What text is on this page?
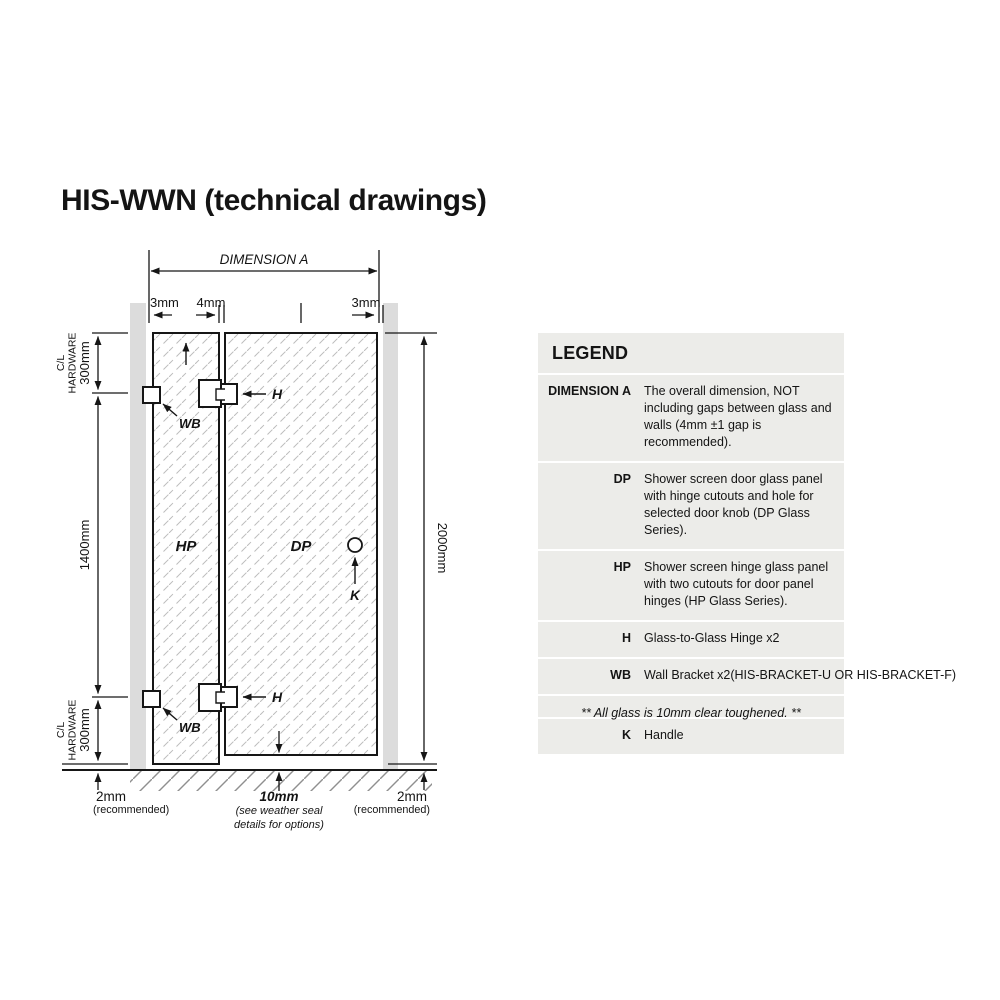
HIS-WWN (technical drawings)
DIMENSION A
3mm 4mm	3mm
C/L HARDWARE
300mm
1400mm
C/L HARDWARE
300mm
2mm
(recommended)
2000mm
2mm
(recommended)
10mm
(see weather seal
details for options)
H
H
WB
WB
HP	DP
K
LEGEND
DIMENSION A	The overall dimension, NOT including gaps between glass and walls (4mm ±1 gap is recommended).
DP	Shower screen door glass panel with hinge cutouts and hole for selected door knob (DP Glass Series).
HP	Shower screen hinge glass panel with two cutouts for door panel hinges (HP Glass Series).
H	Glass-to-Glass Hinge x2
WB	Wall Bracket x2(HIS-BRACKET-U OR HIS-BRACKET-F)
K	Handle
** All glass is 10mm clear toughened. **
